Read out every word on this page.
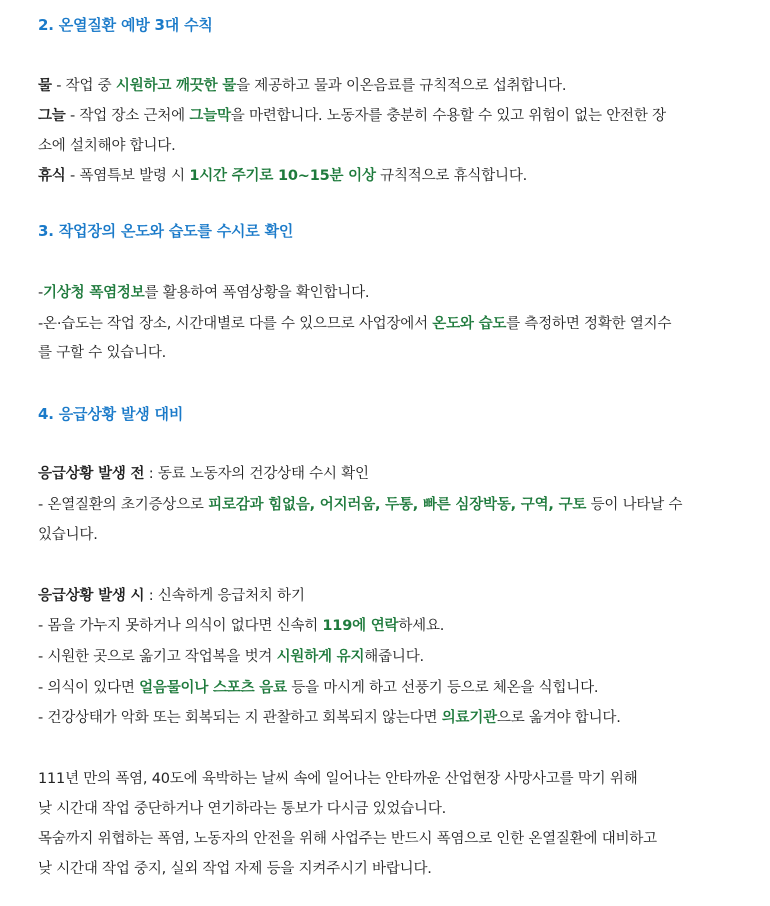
2. 온열질환 예방 3대 수칙
물 - 작업 중 시원하고 깨끗한 물을 제공하고 물과 이온음료를 규칙적으로 섭취합니다.
그늘 - 작업 장소 근처에 그늘막을 마련합니다. 노동자를 충분히 수용할 수 있고 위험이 없는 안전한 장
소에 설치해야 합니다.
휴식 - 폭염특보 발령 시 1시간 주기로 10~15분 이상 규칙적으로 휴식합니다.
3. 작업장의 온도와 습도를 수시로 확인
-기상청 폭염정보를 활용하여 폭염상황을 확인합니다.
-온·습도는 작업 장소, 시간대별로 다를 수 있으므로 사업장에서 온도와 습도를 측정하면 정확한 열지수
를 구할 수 있습니다.
4. 응급상황 발생 대비
응급상황 발생 전 : 동료 노동자의 건강상태 수시 확인
- 온열질환의 초기증상으로 피로감과 힘없음, 어지러움, 두통, 빠른 심장박동, 구역, 구토 등이 나타날 수
있습니다.
응급상황 발생 시 : 신속하게 응급처치 하기
- 몸을 가누지 못하거나 의식이 없다면 신속히 119에 연락하세요.
- 시원한 곳으로 옮기고 작업복을 벗겨 시원하게 유지해줍니다.
- 의식이 있다면 얼음물이나 스포츠 음료 등을 마시게 하고 선풍기 등으로 체온을 식힙니다.
- 건강상태가 악화 또는 회복되는 지 관찰하고 회복되지 않는다면 의료기관으로 옮겨야 합니다.
111년 만의 폭염, 40도에 육박하는 날씨 속에 일어나는 안타까운 산업현장 사망사고를 막기 위해
낮 시간대 작업 중단하거나 연기하라는 통보가 다시금 있었습니다.
목숨까지 위협하는 폭염, 노동자의 안전을 위해 사업주는 반드시 폭염으로 인한 온열질환에 대비하고
낮 시간대 작업 중지, 실외 작업 자제 등을 지켜주시기 바랍니다.
